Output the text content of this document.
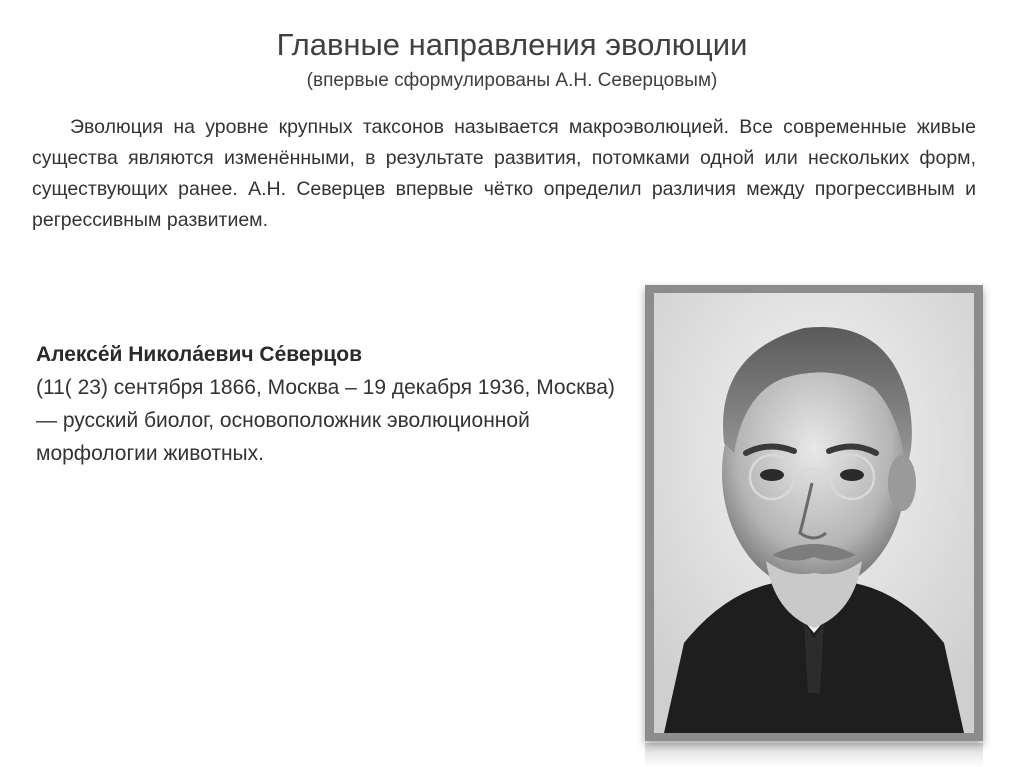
Главные направления эволюции
(впервые сформулированы А.Н. Северцовым)

Эволюция на уровне крупных таксонов называется макроэволюцией. Все современные живые существа являются изменёнными, в результате развития, потомками одной или нескольких форм, существующих ранее. А.Н. Северцев впервые чётко определил различия между прогрессивным и регрессивным развитием.

Алексе́й Никола́евич Се́верцов
(11( 23) сентября 1866, Москва – 19 декабря 1936, Москва) — русский биолог, основоположник эволюционной морфологии животных.
